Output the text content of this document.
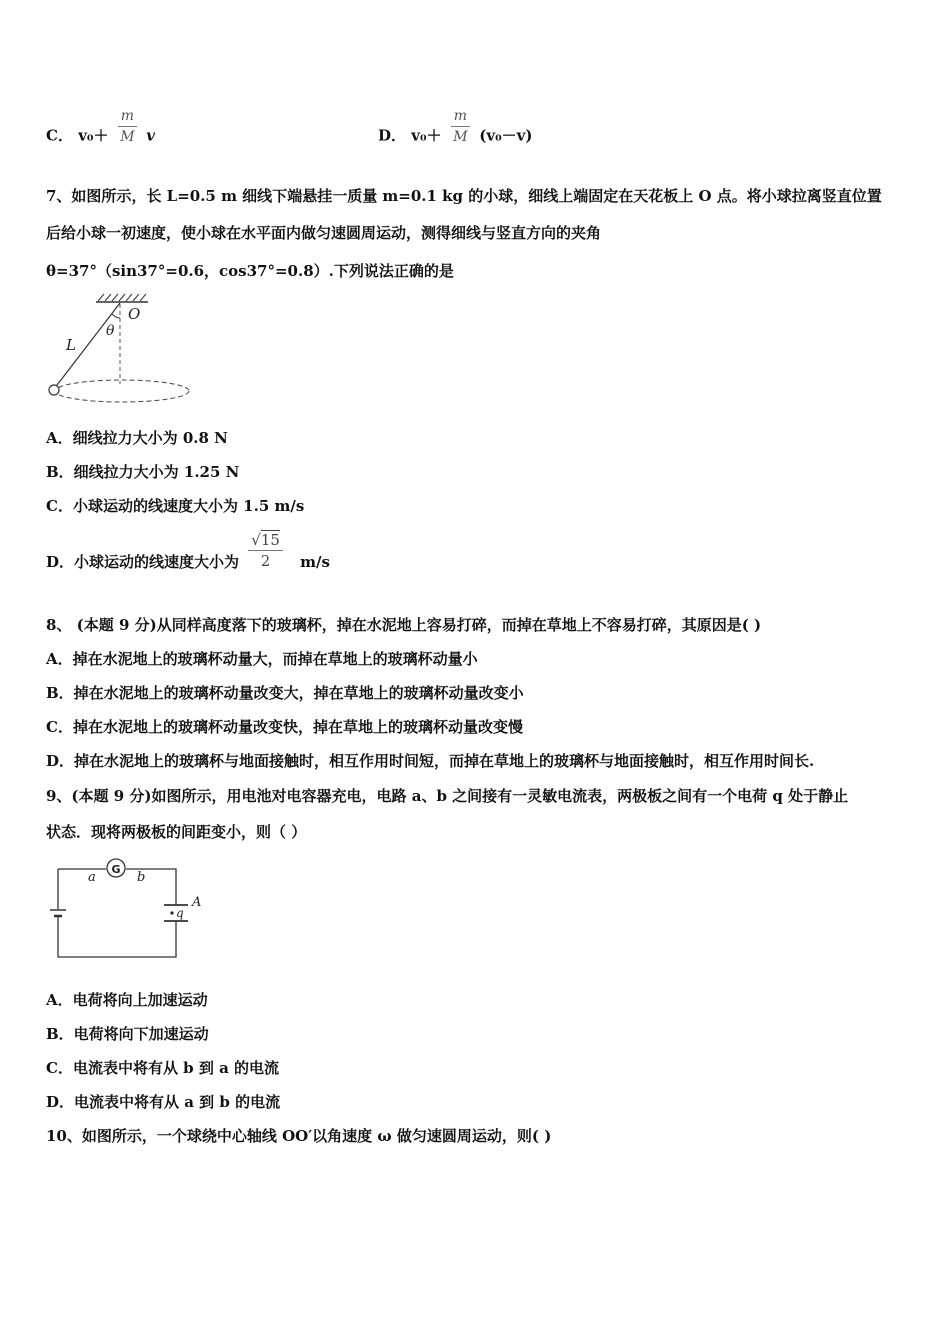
C． $v_0+ \frac{m}{M}$ v	D． $v_0+ \frac{m}{M} (v_0-v)$
7、如图所示，长 L=0.5 m 细线下端悬挂一质量 m=0.1 kg 的小球，细线上端固定在天花板上 O 点。将小球拉离竖直位置
后给小球一初速度，使小球在水平面内做匀速圆周运动，测得细线与竖直方向的夹角
θ=37°（sin37°=0.6，cos37°=0.8）.下列说法正确的是
O
θ
L
A．细线拉力大小为 0.8 N
B．细线拉力大小为 1.25 N
C．小球运动的线速度大小为 1.5 m/s
D．小球运动的线速度大小为 $\frac{√15}{2} m/s$
8、 (本题 9 分)从同样高度落下的玻璃杯，掉在水泥地上容易打碎，而掉在草地上不容易打碎，其原因是( )
A．掉在水泥地上的玻璃杯动量大，而掉在草地上的玻璃杯动量小
B．掉在水泥地上的玻璃杯动量改变大，掉在草地上的玻璃杯动量改变小
C．掉在水泥地上的玻璃杯动量改变快，掉在草地上的玻璃杯动量改变慢
D．掉在水泥地上的玻璃杯与地面接触时，相互作用时间短，而掉在草地上的玻璃杯与地面接触时，相互作用时间长.
9、(本题 9 分)如图所示，用电池对电容器充电，电路 a、b 之间接有一灵敏电流表，两极板之间有一个电荷 q 处于静止
状态．现将两极板的间距变小，则（ ）
G
a	b
q
A
A．电荷将向上加速运动
B．电荷将向下加速运动
C．电流表中将有从 b 到 a 的电流
D．电流表中将有从 a 到 b 的电流
10、如图所示，一个球绕中心轴线 OO′以角速度 ω 做匀速圆周运动，则( )
